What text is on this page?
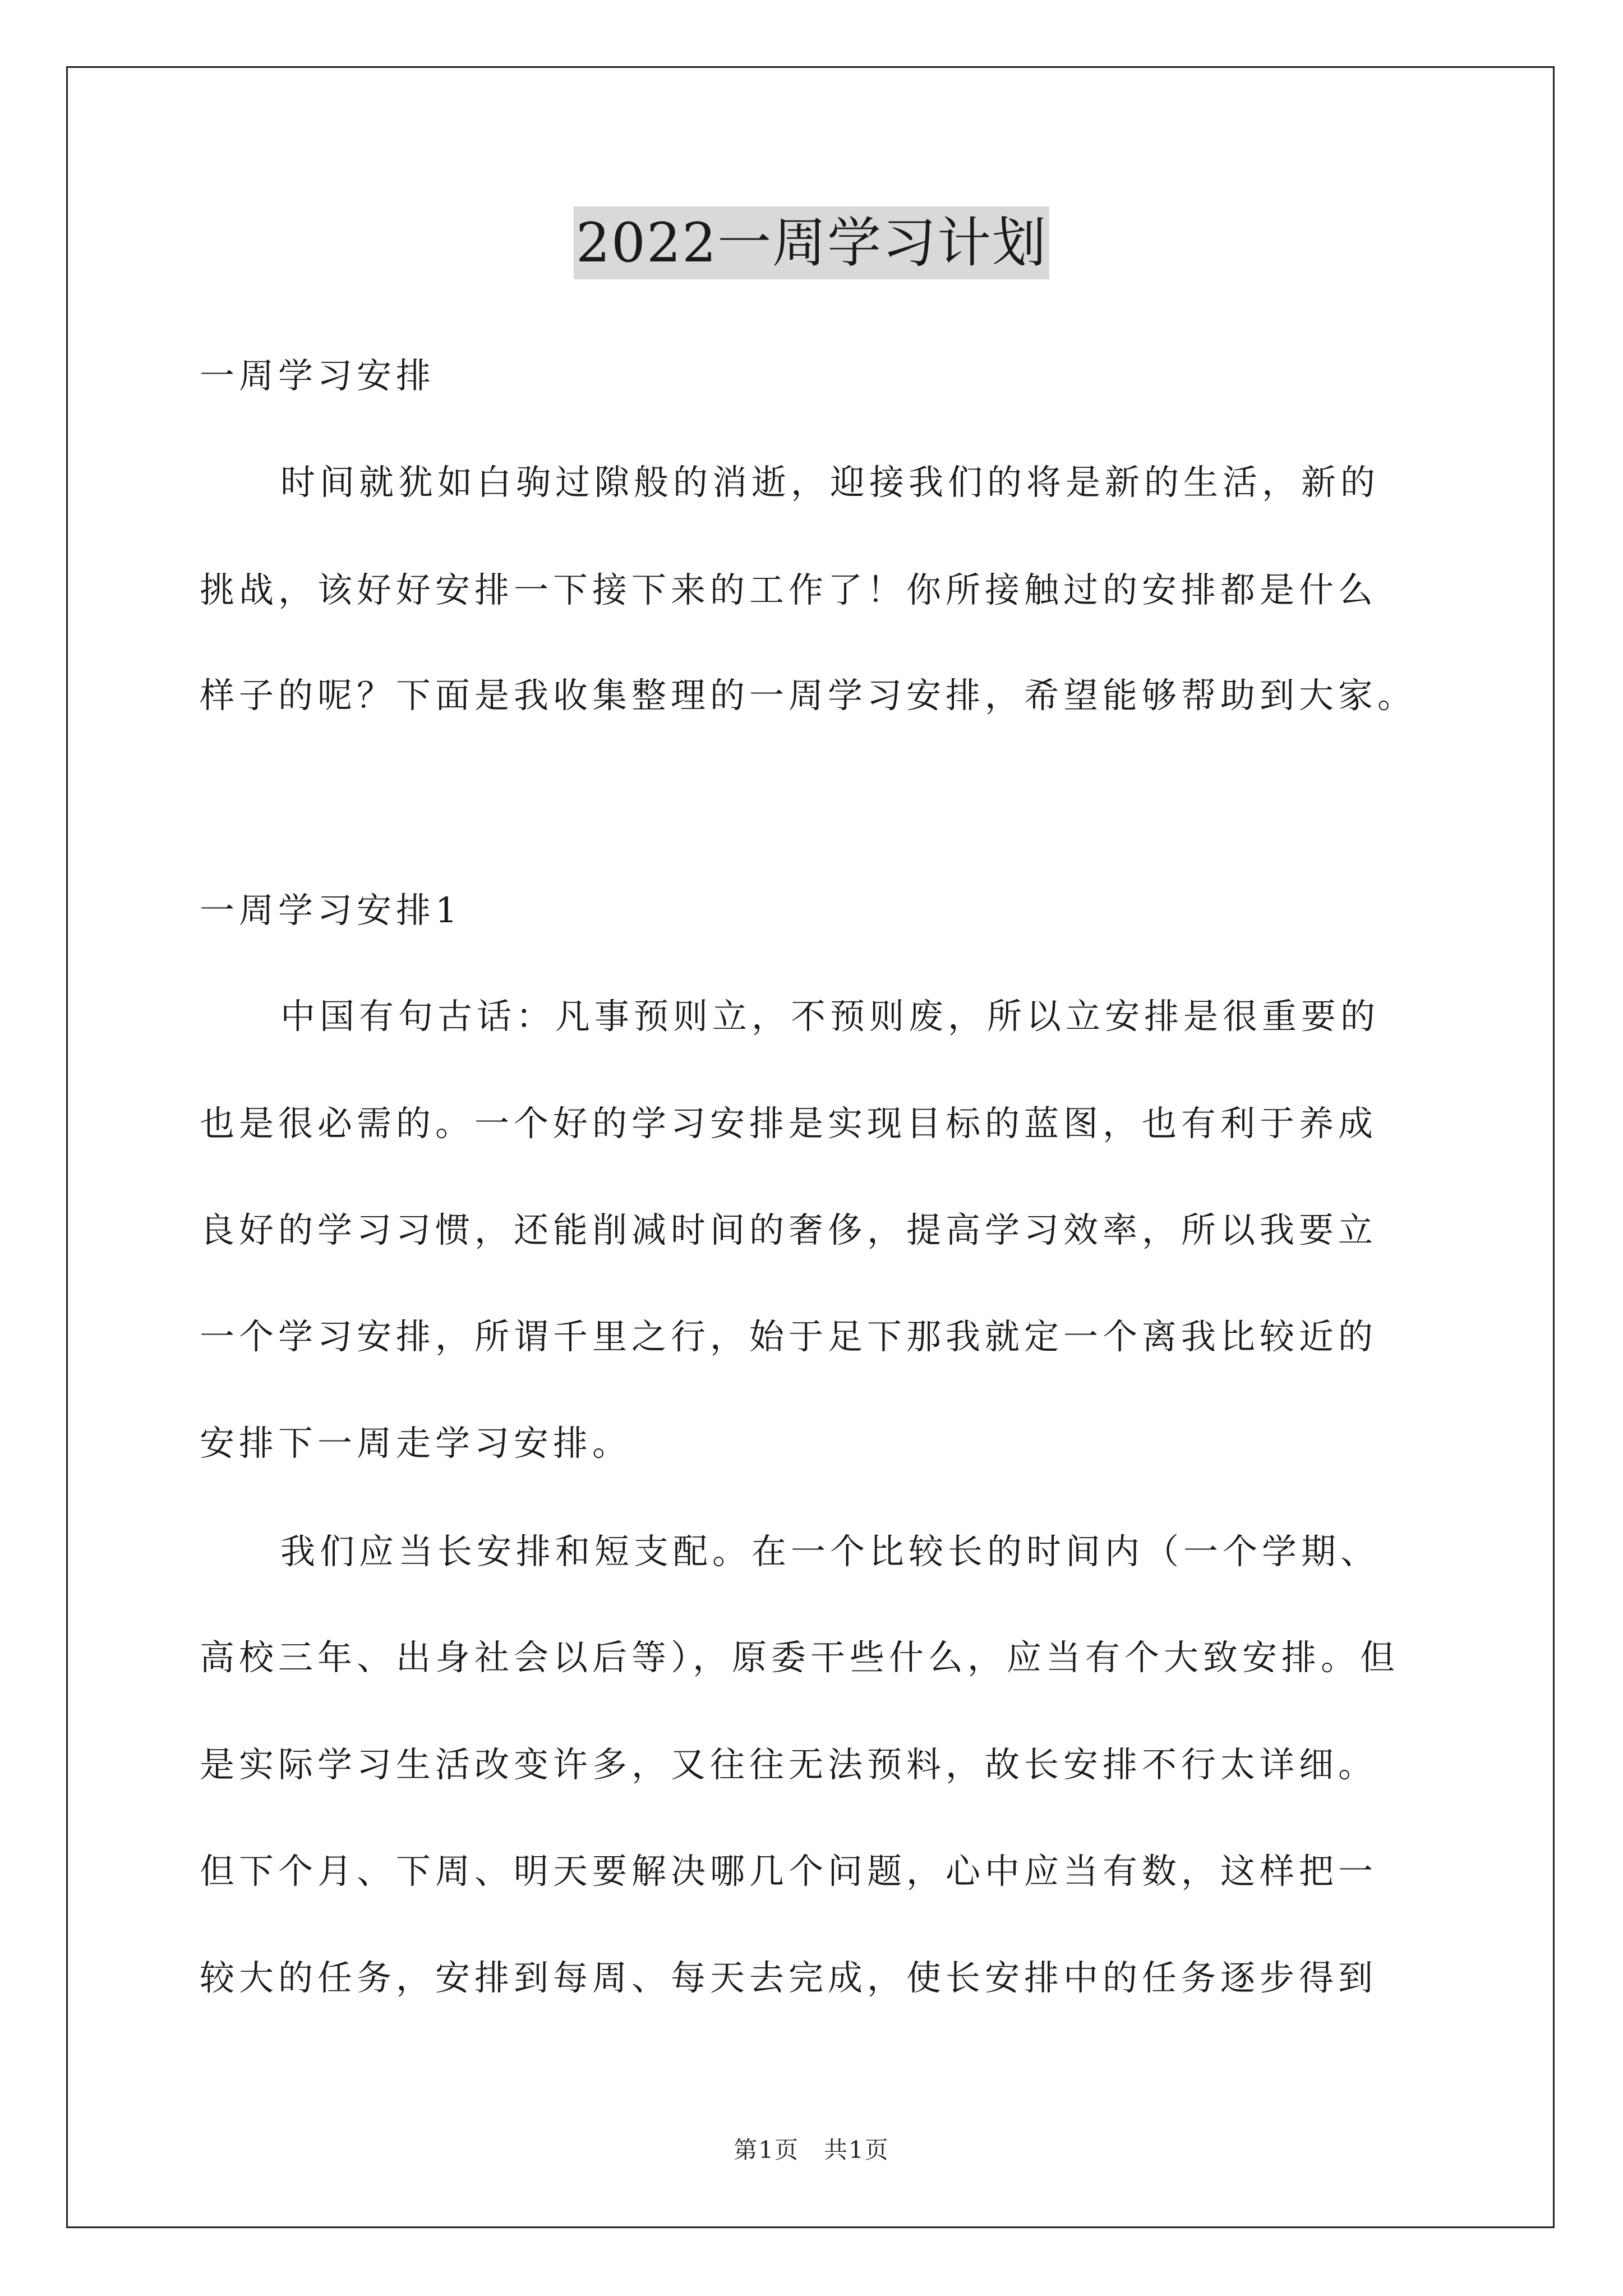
2022一周学习计划
一周学习安排
时间就犹如白驹过隙般的消逝，迎接我们的将是新的生活，新的
挑战，该好好安排一下接下来的工作了！你所接触过的安排都是什么
样子的呢？下面是我收集整理的一周学习安排，希望能够帮助到大家。
一周学习安排1
中国有句古话：凡事预则立，不预则废，所以立安排是很重要的
也是很必需的。一个好的学习安排是实现目标的蓝图，也有利于养成
良好的学习习惯，还能削减时间的奢侈，提高学习效率，所以我要立
一个学习安排，所谓千里之行，始于足下那我就定一个离我比较近的
安排下一周走学习安排。
我们应当长安排和短支配。在一个比较长的时间内（一个学期、
高校三年、出身社会以后等），原委干些什么，应当有个大致安排。但
是实际学习生活改变许多，又往往无法预料，故长安排不行太详细。
但下个月、下周、明天要解决哪几个问题，心中应当有数，这样把一
较大的任务，安排到每周、每天去完成，使长安排中的任务逐步得到
第1页　共1页
